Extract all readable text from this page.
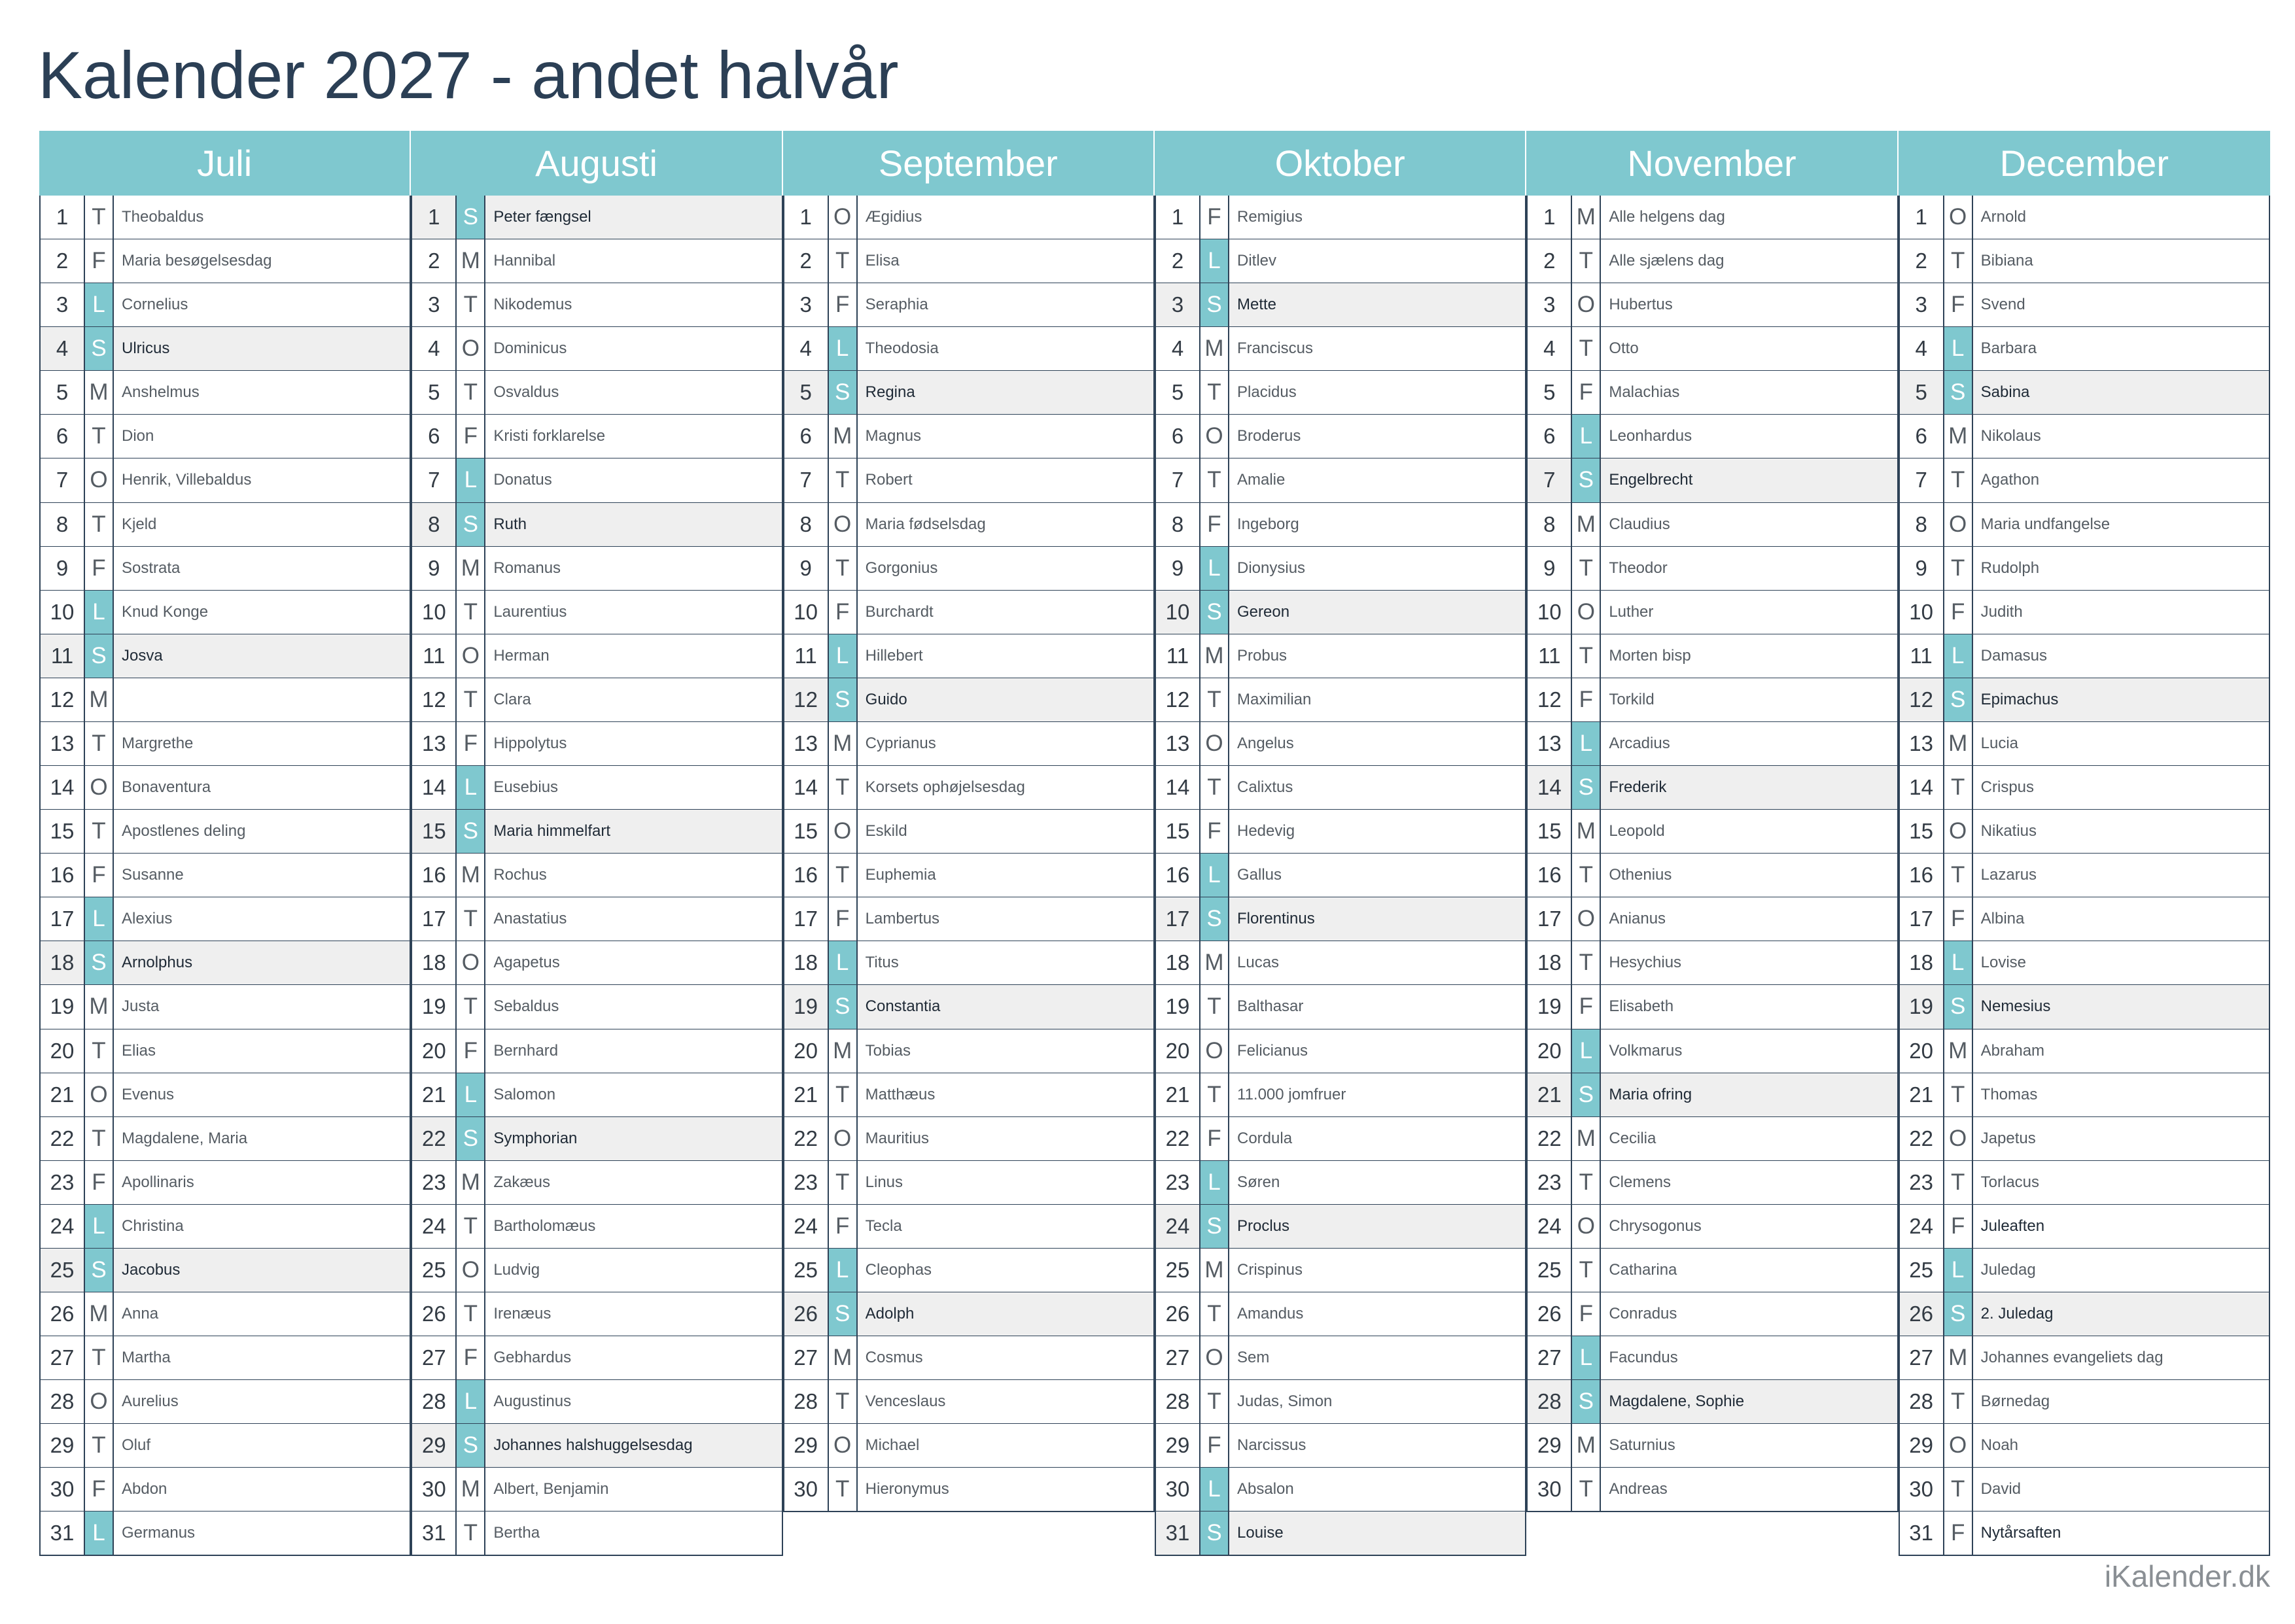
Kalender 2027 - andet halvår
Juli
1	T	Theobaldus
2	F	Maria besøgelsesdag
3	L	Cornelius
4	S Ulricus
5 M Anshelmus
6	T	Dion
7 O Henrik, Villebaldus
8	T	Kjeld
9	F	Sostrata
10 L	Knud Konge
11 S Josva
12 M
13 T	Margrethe
14 O Bonaventura
15 T	Apostlenes deling
16 F	Susanne
17 L	Alexius
18 S Arnolphus
19 M Justa
20 T	Elias
21 O Evenus
22 T	Magdalene, Maria
23 F	Apollinaris
24 L	Christina
25 S Jacobus
26 M Anna
27 T	Martha
28 O Aurelius
29 T	Oluf
30 F	Abdon
31 L	Germanus
Augusti
1	S Peter fængsel
2 M Hannibal
3	T	Nikodemus
4 O Dominicus
5	T	Osvaldus
6	F	Kristi forklarelse
7	L	Donatus
8	S Ruth
9 M Romanus
10 T	Laurentius
11 O Herman
12 T	Clara
13 F	Hippolytus
14 L	Eusebius
15 S Maria himmelfart
16 M Rochus
17 T	Anastatius
18 O Agapetus
19 T	Sebaldus
20 F	Bernhard
21 L	Salomon
22 S Symphorian
23 M Zakæus
24 T	Bartholomæus
25 O Ludvig
26 T	Irenæus
27 F	Gebhardus
28 L	Augustinus
29 S Johannes halshuggelsesdag
30 M Albert, Benjamin
31 T	Bertha
September
1 O Ægidius
2	T	Elisa
3	F	Seraphia
4	L	Theodosia
5	S Regina
6 M Magnus
7	T	Robert
8 O Maria fødselsdag
9	T	Gorgonius
10 F	Burchardt
11 L	Hillebert
12 S Guido
13 M Cyprianus
14 T	Korsets ophøjelsesdag
15 O Eskild
16 T	Euphemia
17 F	Lambertus
18 L	Titus
19 S Constantia
20 M Tobias
21 T	Matthæus
22 O Mauritius
23 T	Linus
24 F	Tecla
25 L	Cleophas
26 S Adolph
27 M Cosmus
28 T	Venceslaus
29 O Michael
30 T	Hieronymus
Oktober
1	F	Remigius
2	L	Ditlev
3	S Mette
4 M Franciscus
5	T	Placidus
6 O Broderus
7	T	Amalie
8	F	Ingeborg
9	L	Dionysius
10 S Gereon
11 M Probus
12 T	Maximilian
13 O Angelus
14 T	Calixtus
15 F	Hedevig
16 L	Gallus
17 S Florentinus
18 M Lucas
19 T	Balthasar
20 O Felicianus
21 T	11.000 jomfruer
22 F	Cordula
23 L	Søren
24 S Proclus
25 M Crispinus
26 T	Amandus
27 O Sem
28 T	Judas, Simon
29 F	Narcissus
30 L	Absalon
31 S Louise
November
1 M Alle helgens dag
2	T	Alle sjælens dag
3 O Hubertus
4	T	Otto
5	F	Malachias
6	L	Leonhardus
7	S Engelbrecht
8 M Claudius
9	T	Theodor
10 O Luther
11 T	Morten bisp
12 F	Torkild
13 L	Arcadius
14 S Frederik
15 M Leopold
16 T	Othenius
17 O Anianus
18 T	Hesychius
19 F	Elisabeth
20 L	Volkmarus
21 S Maria ofring
22 M Cecilia
23 T	Clemens
24 O Chrysogonus
25 T	Catharina
26 F	Conradus
27 L	Facundus
28 S Magdalene, Sophie
29 M Saturnius
30 T	Andreas
December
1 O Arnold
2	T	Bibiana
3	F	Svend
4	L	Barbara
5	S Sabina
6 M Nikolaus
7	T	Agathon
8 O Maria undfangelse
9	T	Rudolph
10 F	Judith
11 L	Damasus
12 S Epimachus
13 M Lucia
14 T	Crispus
15 O Nikatius
16 T	Lazarus
17 F	Albina
18 L	Lovise
19 S Nemesius
20 M Abraham
21 T	Thomas
22 O Japetus
23 T	Torlacus
24 F	Juleaften
25 L	Juledag
26 S 2. Juledag
27 M Johannes evangeliets dag
28 T	Børnedag
29 O Noah
30 T	David
31 F	Nytårsaften
iKalender.dk
